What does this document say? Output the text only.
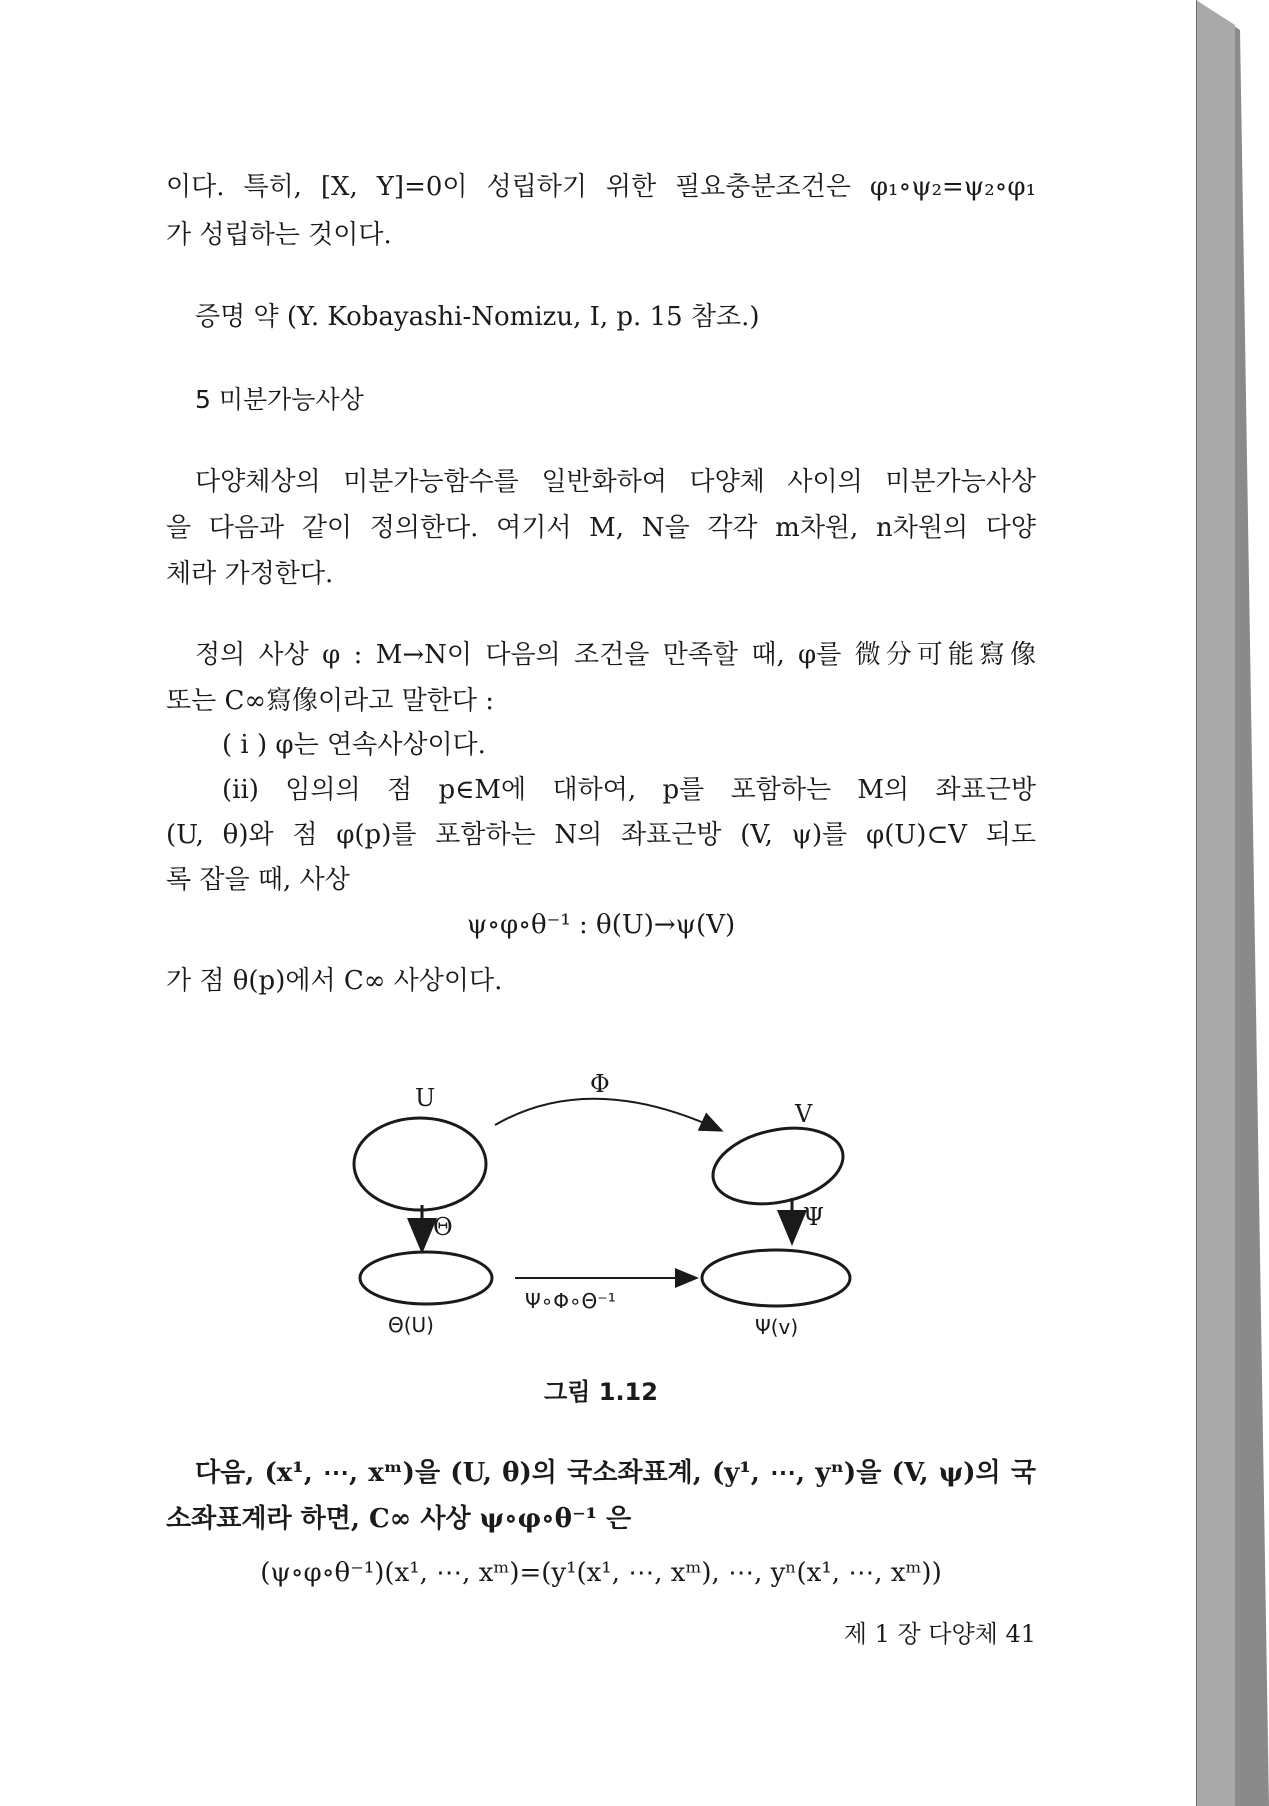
이다. 특히, [X, Y]=0이 성립하기 위한 필요충분조건은 φ₁∘ψ₂=ψ₂∘φ₁
가 성립하는 것이다.
증명 약 (Y. Kobayashi-Nomizu, I, p. 15 참조.)
5 미분가능사상
다양체상의 미분가능함수를 일반화하여 다양체 사이의 미분가능사상
을 다음과 같이 정의한다. 여기서 M, N을 각각 m차원, n차원의 다양
체라 가정한다.
정의 사상 φ : M→N이 다음의 조건을 만족할 때, φ를 微分可能寫像
또는 C∞寫像이라고 말한다 :
( i ) φ는 연속사상이다.
(ii) 임의의 점 p∈M에 대하여, p를 포함하는 M의 좌표근방
(U, θ)와 점 φ(p)를 포함하는 N의 좌표근방 (V, ψ)를 φ(U)⊂V 되도
록 잡을 때, 사상
ψ∘φ∘θ⁻¹ : θ(U)→ψ(V)
가 점 θ(p)에서 C∞ 사상이다.
U	Φ
V
Θ	Ψ
Ψ∘Φ∘Θ⁻¹
Θ(U)	Ψ(v)
그림 1.12
다음, (x¹, ⋯, xᵐ)을 (U, θ)의 국소좌표계, (y¹, ⋯, yⁿ)을 (V, ψ)의 국
소좌표계라 하면, C∞ 사상 ψ∘φ∘θ⁻¹ 은
(ψ∘φ∘θ⁻¹)(x¹, ⋯, xᵐ)=(y¹(x¹, ⋯, xᵐ), ⋯, yⁿ(x¹, ⋯, xᵐ))
제 1 장 다양체 41
